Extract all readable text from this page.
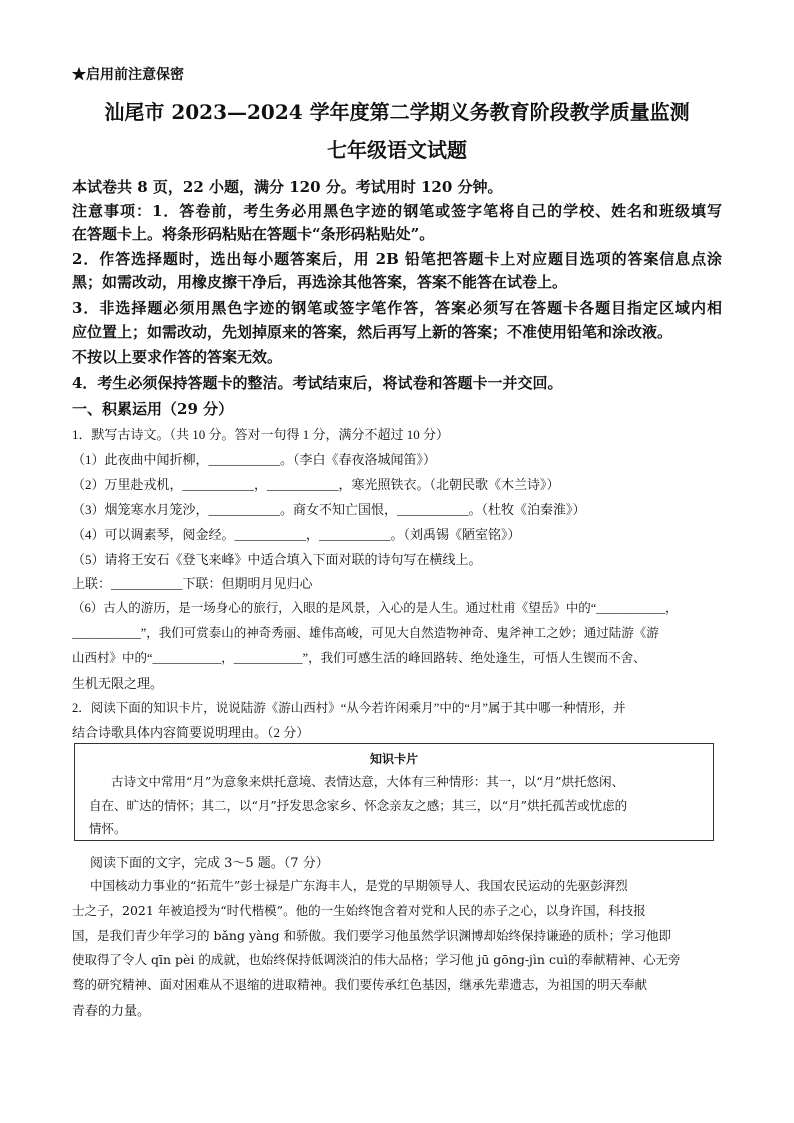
★启用前注意保密
汕尾市 2023—2024 学年度第二学期义务教育阶段教学质量监测
七年级语文试题
本试卷共 8 页，22 小题，满分 120 分。考试用时 120 分钟。
注意事项：1．答卷前，考生务必用黑色字迹的钢笔或签字笔将自己的学校、姓名和班级填写
在答题卡上。将条形码粘贴在答题卡“条形码粘贴处”。
2．作答选择题时，选出每小题答案后，用 2B 铅笔把答题卡上对应题目选项的答案信息点涂
黑；如需改动，用橡皮擦干净后，再选涂其他答案，答案不能答在试卷上。
3．非选择题必须用黑色字迹的钢笔或签字笔作答，答案必须写在答题卡各题目指定区域内相
应位置上；如需改动，先划掉原来的答案，然后再写上新的答案；不准使用铅笔和涂改液。
不按以上要求作答的答案无效。
4．考生必须保持答题卡的整洁。考试结束后，将试卷和答题卡一并交回。
一、积累运用（29 分）
1．默写古诗文。（共 10 分。答对一句得 1 分，满分不超过 10 分）
（1）此夜曲中闻折柳，___________。（李白《春夜洛城闻笛》）
（2）万里赴戎机，___________，___________，寒光照铁衣。（北朝民歌《木兰诗》）
（3）烟笼寒水月笼沙，___________。商女不知亡国恨，___________。（杜牧《泊秦淮》）
（4）可以调素琴，阅金经。___________，___________。（刘禹锡《陋室铭》）
（5）请将王安石《登飞来峰》中适合填入下面对联的诗句写在横线上。
上联：___________下联：但期明月见归心
（6）古人的游历，是一场身心的旅行，入眼的是风景，入心的是人生。通过杜甫《望岳》中的“___________，
___________”，我们可赏泰山的神奇秀丽、雄伟高峻，可见大自然造物神奇、鬼斧神工之妙；通过陆游《游
山西村》中的“___________，___________”，我们可感生活的峰回路转、绝处逢生，可悟人生锲而不舍、
生机无限之理。
2．阅读下面的知识卡片，说说陆游《游山西村》“从今若许闲乘月”中的“月”属于其中哪一种情形，并
结合诗歌具体内容简要说明理由。（2 分）
知识卡片
古诗文中常用“月”为意象来烘托意境、表情达意，大体有三种情形：其一，以“月”烘托悠闲、
自在、旷达的情怀；其二，以“月”抒发思念家乡、怀念亲友之感；其三，以“月”烘托孤苦或忧虑的
情怀。
阅读下面的文字，完成 3～5 题。（7 分）
中国核动力事业的“拓荒牛”彭士禄是广东海丰人，是党的早期领导人、我国农民运动的先驱彭湃烈
士之子，2021 年被追授为“时代楷模”。他的一生始终饱含着对党和人民的赤子之心，以身许国，科技报
国，是我们青少年学习的 bǎng yàng 和骄傲。我们要学习他虽然学识渊博却始终保持谦逊的质朴；学习他即
使取得了令人 qīn pèi 的成就，也始终保持低调淡泊的伟大品格；学习他 jū gōng-jìn cuì的奉献精神、心无旁
骛的研究精神、面对困难从不退缩的进取精神。我们要传承红色基因，继承先辈遗志，为祖国的明天奉献
青春的力量。
